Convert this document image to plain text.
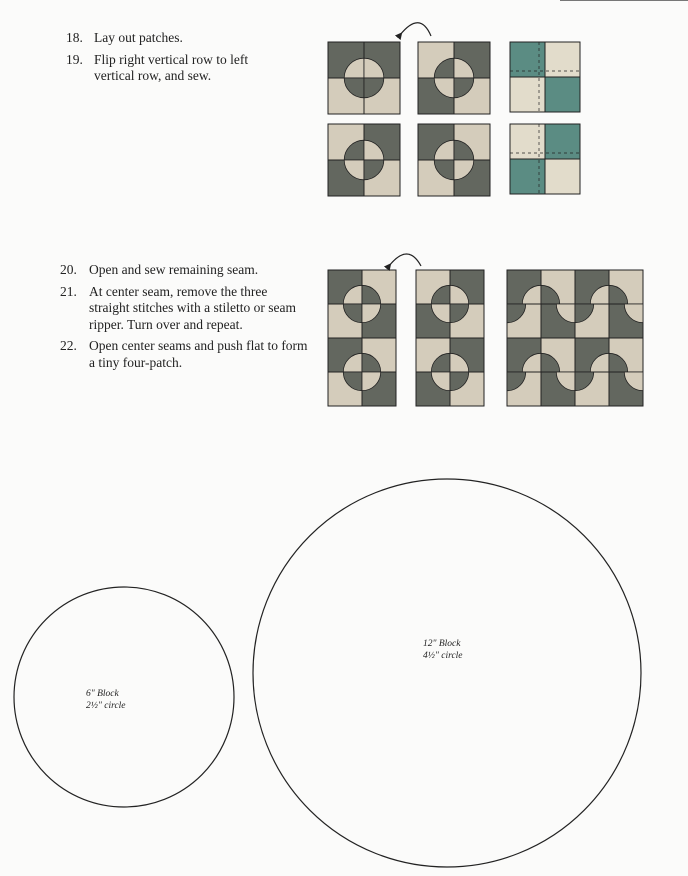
18. Lay out patches.
19. Flip right vertical row to left vertical row, and sew.
20. Open and sew remaining seam.
21. At center seam, remove the three straight stitches with a stiletto or seam ripper. Turn over and repeat.
22. Open center seams and push flat to form a tiny four-patch.
6" Block
2½" circle
12" Block
4½" circle
